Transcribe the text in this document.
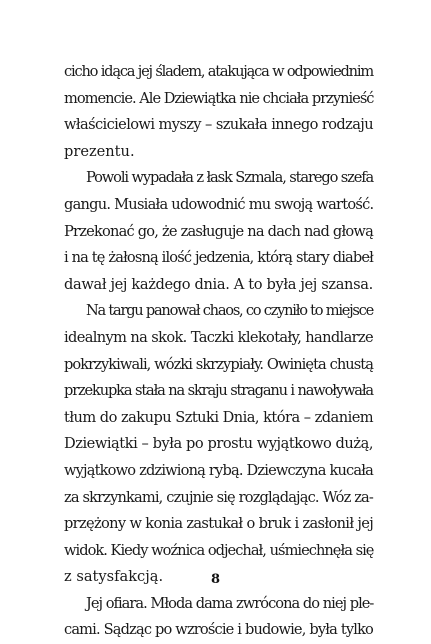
cicho idąca jej śladem, atakująca w odpowiednim
momencie. Ale Dziewiątka nie chciała przynieść
właścicielowi myszy – szukała innego rodzaju
prezentu.
Powoli wypadała z łask Szmala, starego szefa
gangu. Musiała udowodnić mu swoją wartość.
Przekonać go, że zasługuje na dach nad głową
i na tę żałosną ilość jedzenia, którą stary diabeł
dawał jej każdego dnia. A to była jej szansa.
Na targu panował chaos, co czyniło to miejsce
idealnym na skok. Taczki klekotały, handlarze
pokrzykiwali, wózki skrzypiały. Owinięta chustą
przekupka stała na skraju straganu i nawoływała
tłum do zakupu Sztuki Dnia, która – zdaniem
Dziewiątki – była po prostu wyjątkowo dużą,
wyjątkowo zdziwioną rybą. Dziewczyna kucała
za skrzynkami, czujnie się rozglądając. Wóz za-
przężony w konia zastukał o bruk i zasłonił jej
widok. Kiedy woźnica odjechał, uśmiechnęła się
z satysfakcją.
Jej ofiara. Młoda dama zwrócona do niej ple-
cami. Sądząc po wzroście i budowie, była tylko
8
